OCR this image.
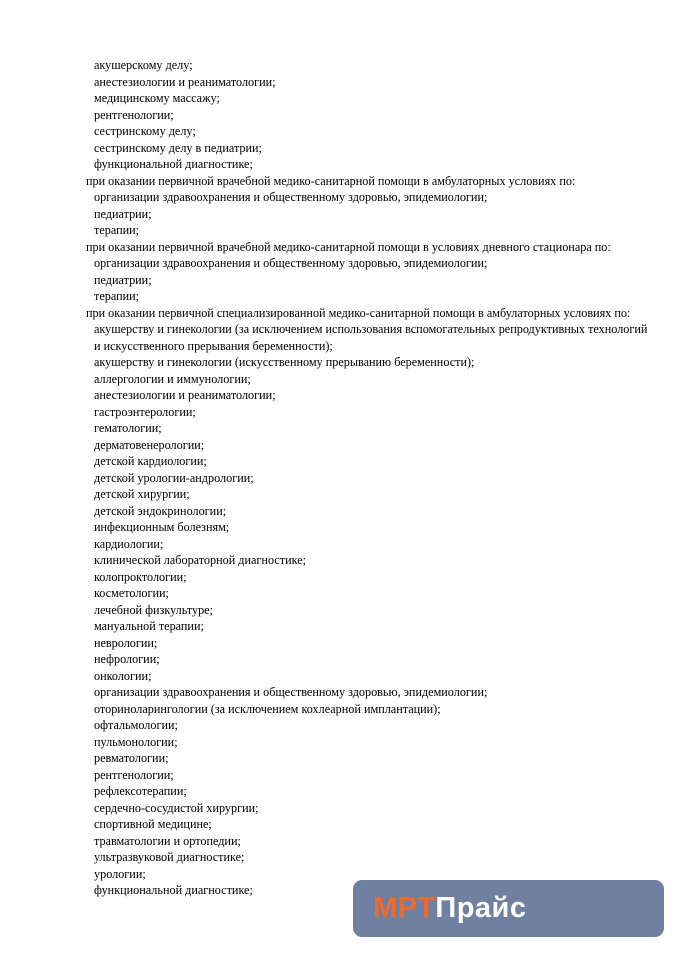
акушерскому делу;

анестезиологии и реаниматологии;

медицинскому массажу;

рентгенологии;

сестринскому делу;

сестринскому делу в педиатрии;

функциональной диагностике;

при оказании первичной врачебной медико-санитарной помощи в амбулаторных условиях по:

организации здравоохранения и общественному здоровью, эпидемиологии;

педиатрии;

терапии;

при оказании первичной врачебной медико-санитарной помощи в условиях дневного стационара по:

организации здравоохранения и общественному здоровью, эпидемиологии;

педиатрии;

терапии;

при оказании первичной специализированной медико-санитарной помощи в амбулаторных условиях по:

акушерству и гинекологии (за исключением использования вспомогательных репродуктивных технологий и искусственного прерывания беременности);

акушерству и гинекологии (искусственному прерыванию беременности);

аллергологии и иммунологии;

анестезиологии и реаниматологии;

гастроэнтерологии;

гематологии;

дерматовенерологии;

детской кардиологии;

детской урологии-андрологии;

детской хирургии;

детской эндокринологии;

инфекционным болезням;

кардиологии;

клинической лабораторной диагностике;

колопроктологии;

косметологии;

лечебной физкультуре;

мануальной терапии;

неврологии;

нефрологии;

онкологии;

организации здравоохранения и общественному здоровью, эпидемиологии;

оториноларингологии (за исключением кохлеарной имплантации);

офтальмологии;

пульмонологии;

ревматологии;

рентгенологии;

рефлексотерапии;

сердечно-сосудистой хирургии;

спортивной медицине;

травматологии и ортопедии;

ультразвуковой диагностике;

урологии;

функциональной диагностике;

МРТ Прайс
